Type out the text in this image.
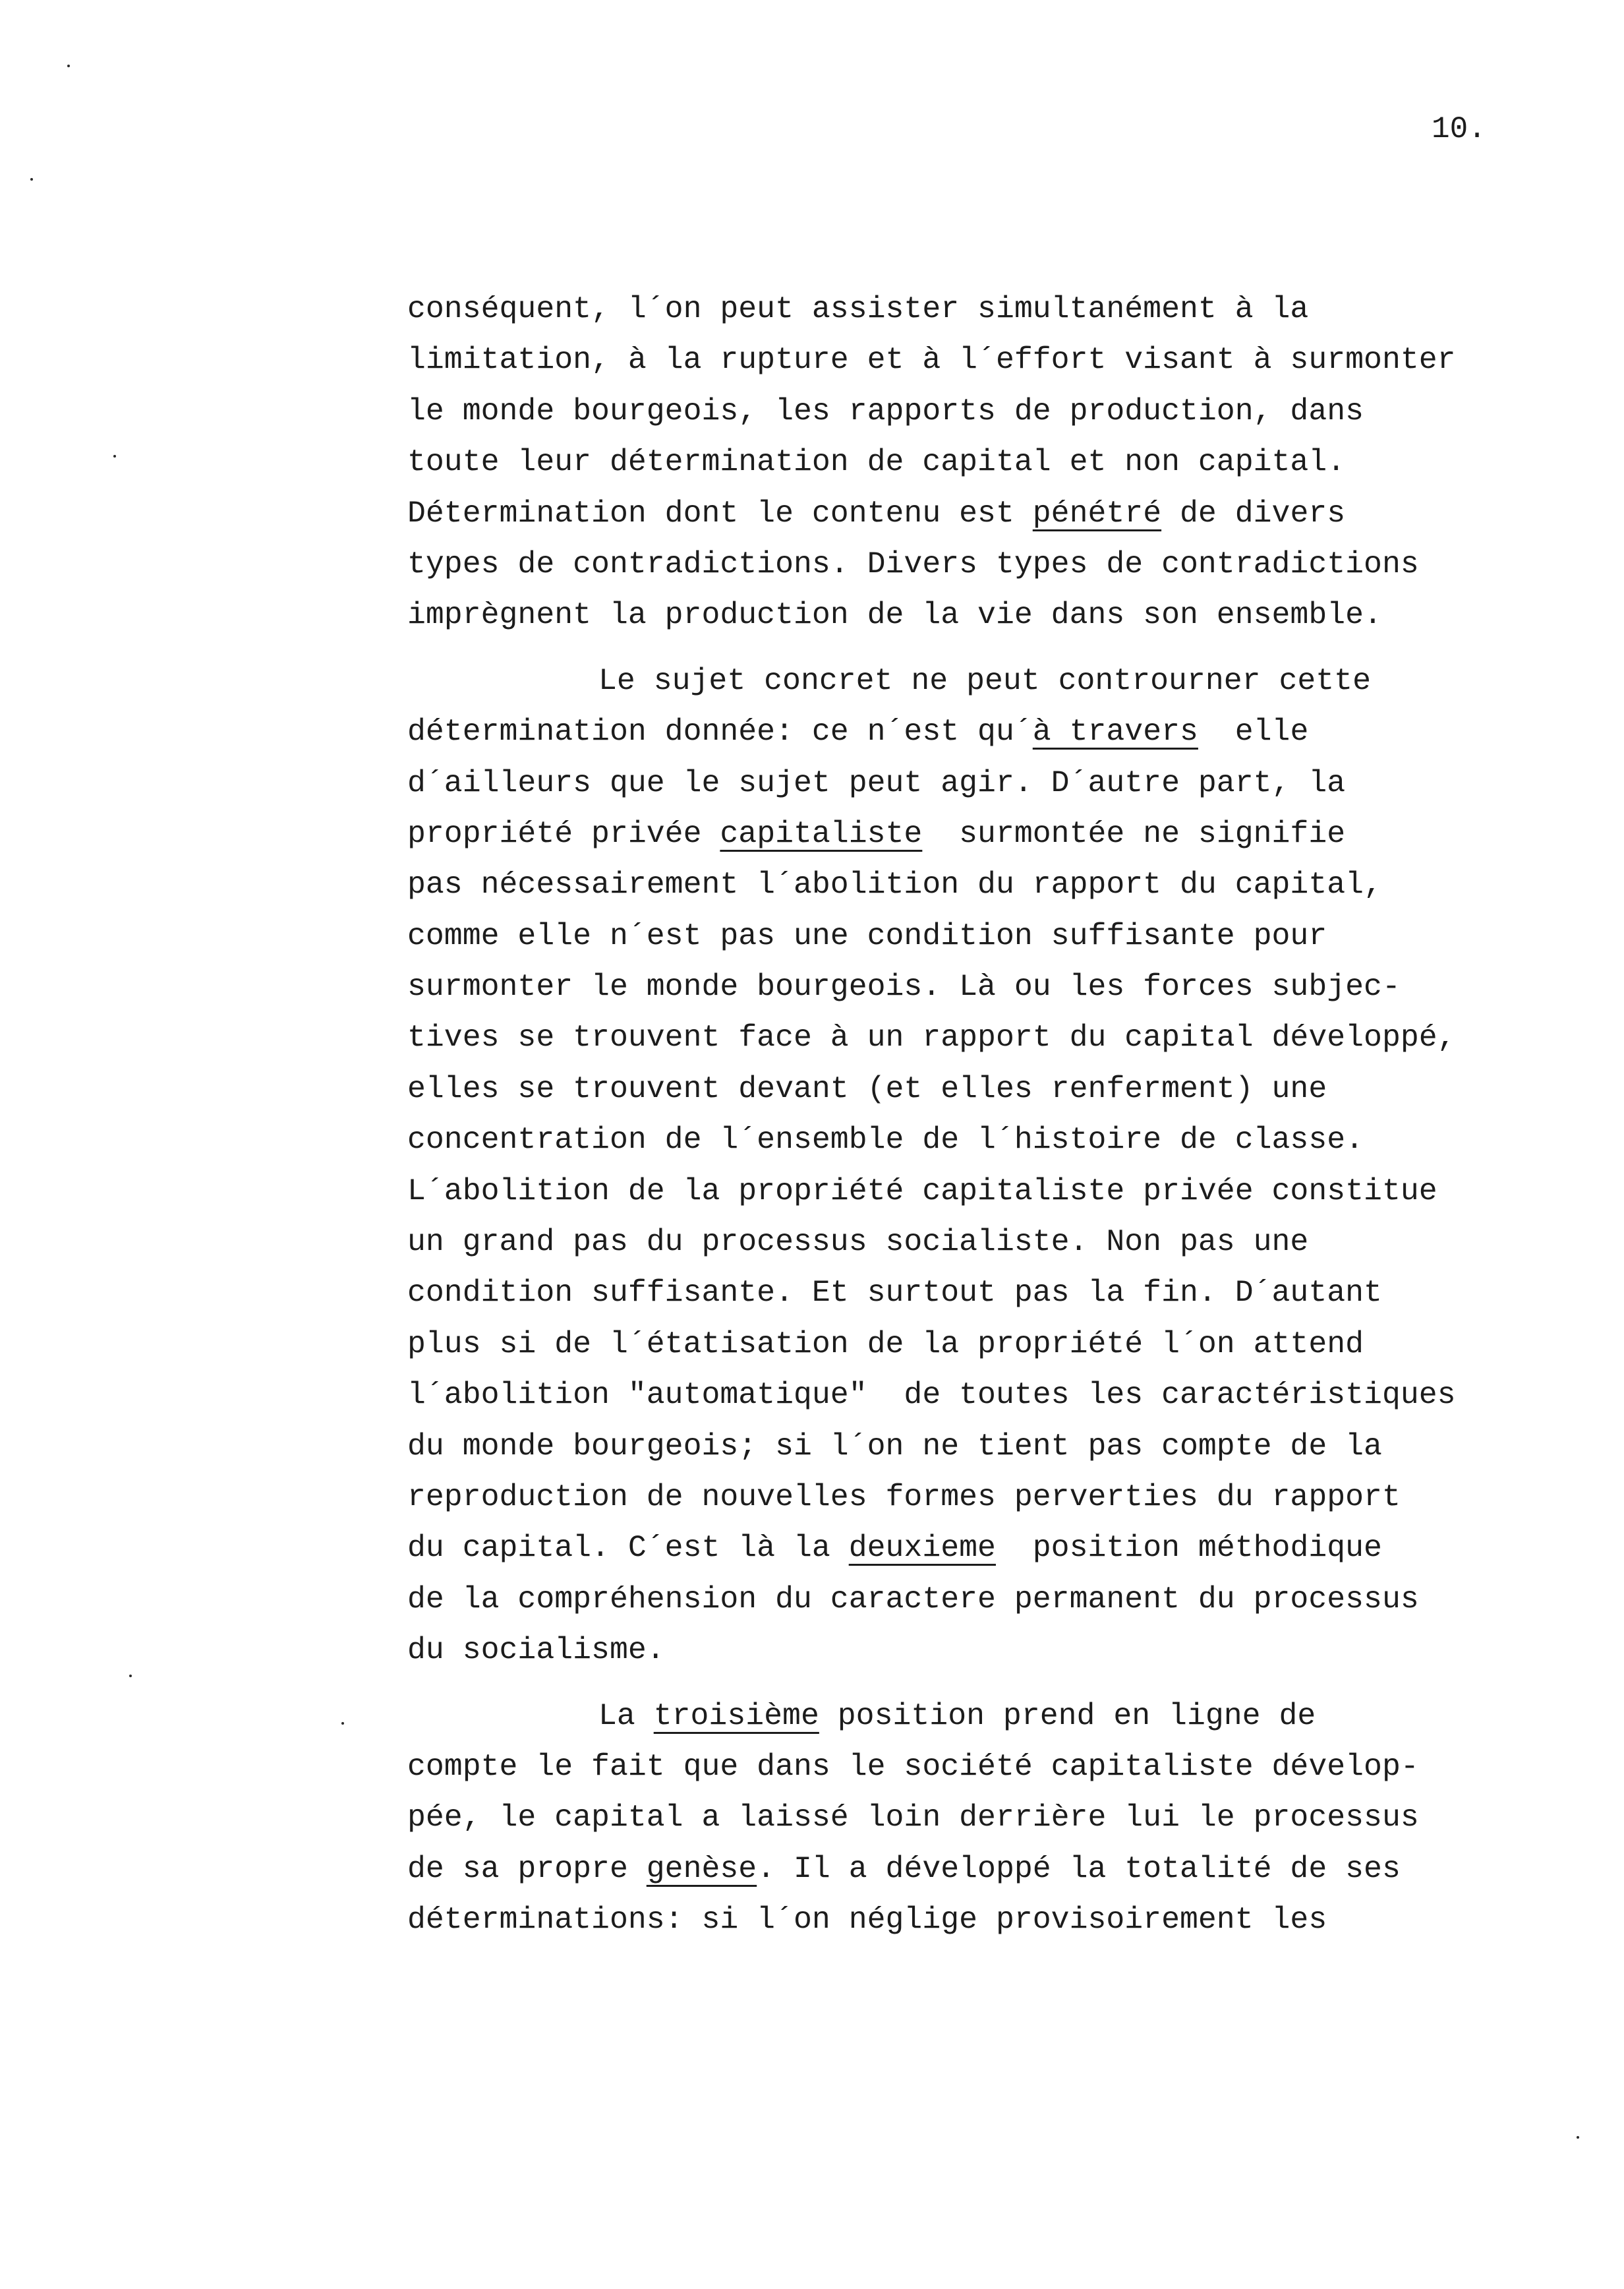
10.
conséquent, l´on peut assister simultanément à la
limitation, à la rupture et à l´effort visant à surmonter
le monde bourgeois, les rapports de production, dans
toute leur détermination de capital et non capital.
Détermination dont le contenu est pénétré de divers
types de contradictions. Divers types de contradictions
imprègnent la production de la vie dans son ensemble.
Le sujet concret ne peut controurner cette
détermination donnée: ce n´est qu´à travers  elle
d´ailleurs que le sujet peut agir. D´autre part, la
propriété privée capitaliste  surmontée ne signifie
pas nécessairement l´abolition du rapport du capital,
comme elle n´est pas une condition suffisante pour
surmonter le monde bourgeois. Là ou les forces subjec-
tives se trouvent face à un rapport du capital développé,
elles se trouvent devant (et elles renferment) une
concentration de l´ensemble de l´histoire de classe.
L´abolition de la propriété capitaliste privée constitue
un grand pas du processus socialiste. Non pas une
condition suffisante. Et surtout pas la fin. D´autant
plus si de l´étatisation de la propriété l´on attend
l´abolition "automatique"  de toutes les caractéristiques
du monde bourgeois; si l´on ne tient pas compte de la
reproduction de nouvelles formes perverties du rapport
du capital. C´est là la deuxieme  position méthodique
de la compréhension du caractere permanent du processus
du socialisme.
La troisième position prend en ligne de
compte le fait que dans le société capitaliste dévelop-
pée, le capital a laissé loin derrière lui le processus
de sa propre genèse. Il a développé la totalité de ses
déterminations: si l´on néglige provisoirement les
